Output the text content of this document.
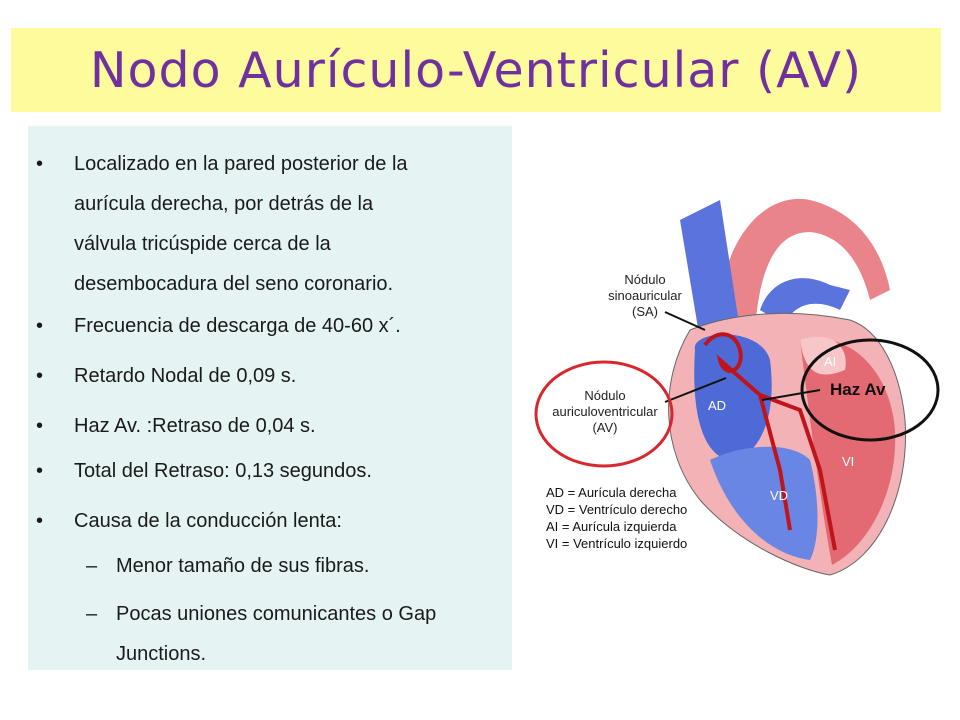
Nodo Aurículo-Ventricular (AV)
• Localizado en la pared posterior de la
aurícula derecha, por detrás de la
válvula tricúspide cerca de la
desembocadura del seno coronario.
• Frecuencia de descarga de 40-60 x´.
• Retardo Nodal de 0,09 s.
• Haz Av. :Retraso de 0,04 s.
• Total del Retraso: 0,13 segundos.
• Causa de la conducción lenta:
– Menor tamaño de sus fibras.
– Pocas uniones comunicantes o Gap
Junctions.
Nódulo
sinoauricular
(SA)
Nódulo
auriculoventricular
(AV)
Haz Av
AD
VD
AI
VI
AD = Aurícula derecha
VD = Ventrículo derecho
AI = Aurícula izquierda
VI = Ventrículo izquierdo
